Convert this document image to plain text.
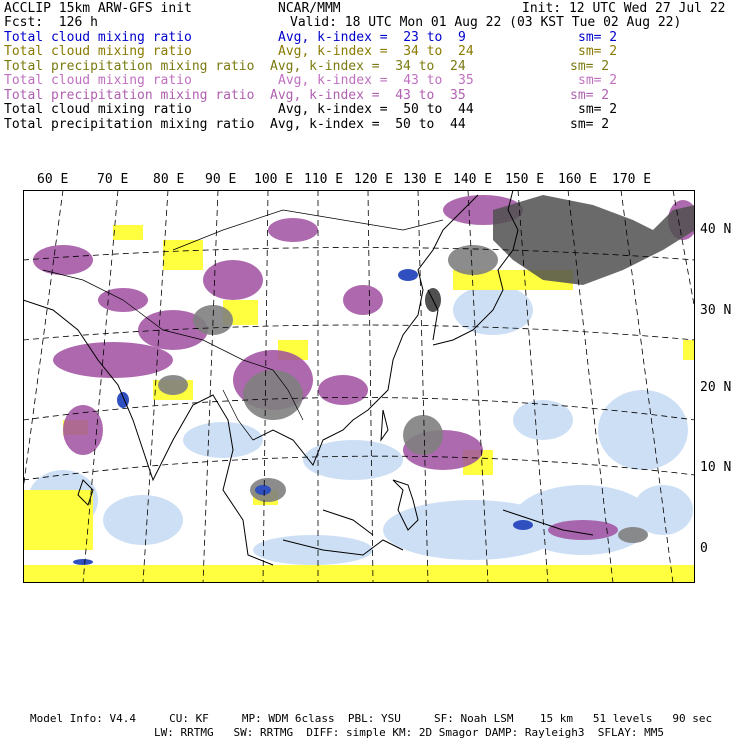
ACCLIP 15km ARW-GFS init	NCAR/MMM	Init: 12 UTC Wed 27 Jul 22
Fcst:  126 h	Valid: 18 UTC Mon 01 Aug 22 (03 KST Tue 02 Aug 22)
Total cloud mixing ratio	Avg, k-index =  23 to  9	sm= 2
Total cloud mixing ratio	Avg, k-index =  34 to  24	sm= 2
Total precipitation mixing ratio Avg, k-index =  34 to  24	sm= 2
Total cloud mixing ratio	Avg, k-index =  43 to  35	sm= 2
Total precipitation mixing ratio Avg, k-index =  43 to  35	sm= 2
Total cloud mixing ratio	Avg, k-index =  50 to  44	sm= 2
Total precipitation mixing ratio Avg, k-index =  50 to  44	sm= 2
60 E 70 E 80 E 90 E 100 E 110 E 120 E 130 E 140 E 150 E 160 E 170 E
40 N
30 N
20 N
10 N
0
Model Info: V4.4     CU: KF     MP: WDM 6class  PBL: YSU     SF: Noah LSM    15 km   51 levels   90 sec
LW: RRTMG   SW: RRTMG  DIFF: simple KM: 2D Smagor DAMP: Rayleigh3  SFLAY: MM5
